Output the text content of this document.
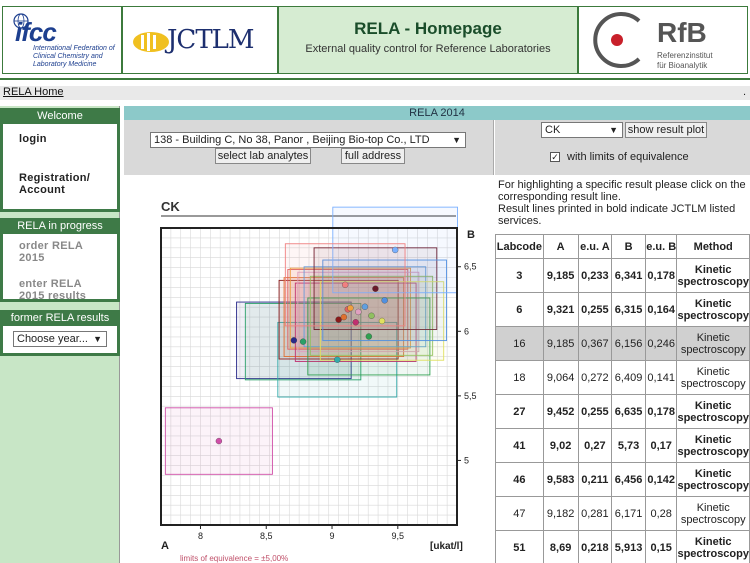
ifcc
International Federation of Clinical Chemistry and Laboratory Medicine
JCTLM	RELA - Homepage
External quality control for Reference Laboratories
RfB
Referenzinstitut
für Bioanalytik
RELA Home	.
Welcome
login
Registration/ Account
RELA in progress
order RELA 2015
enter RELA 2015 results
former RELA results
Choose year... ▼
RELA 2014
138 - Building C, No 38, Panor , Beijing Bio-top Co., LTD	▼
select lab analytes	full address
CK	▼ show result plot
✓ with limits of equivalence
CK
8	8,5	9	9,5
5
5,5
6
6,5
B
A	[ukat/l]
limits of equivalence = ±5,00%
For highlighting a specific result please click on the corresponding result line.
Result lines printed in bold indicate JCTLM listed services.
Labcode	A	e.u. A	B	e.u. B	Method
3	9,185	0,233	6,341	0,178	Kinetic
spectroscopy

6	9,321	0,255	6,315	0,164	Kinetic
spectroscopy

16	9,185	0,367	6,156	0,246	Kinetic
spectroscopy

18	9,064	0,272	6,409	0,141	Kinetic
spectroscopy

27	9,452	0,255	6,635	0,178	Kinetic
spectroscopy

41	9,02	0,27	5,73	0,17	Kinetic
spectroscopy

46	9,583	0,211	6,456	0,142	Kinetic
spectroscopy

47	9,182	0,281	6,171	0,28	Kinetic
spectroscopy

51	8,69	0,218	5,913	0,15	Kinetic
spectroscopy
